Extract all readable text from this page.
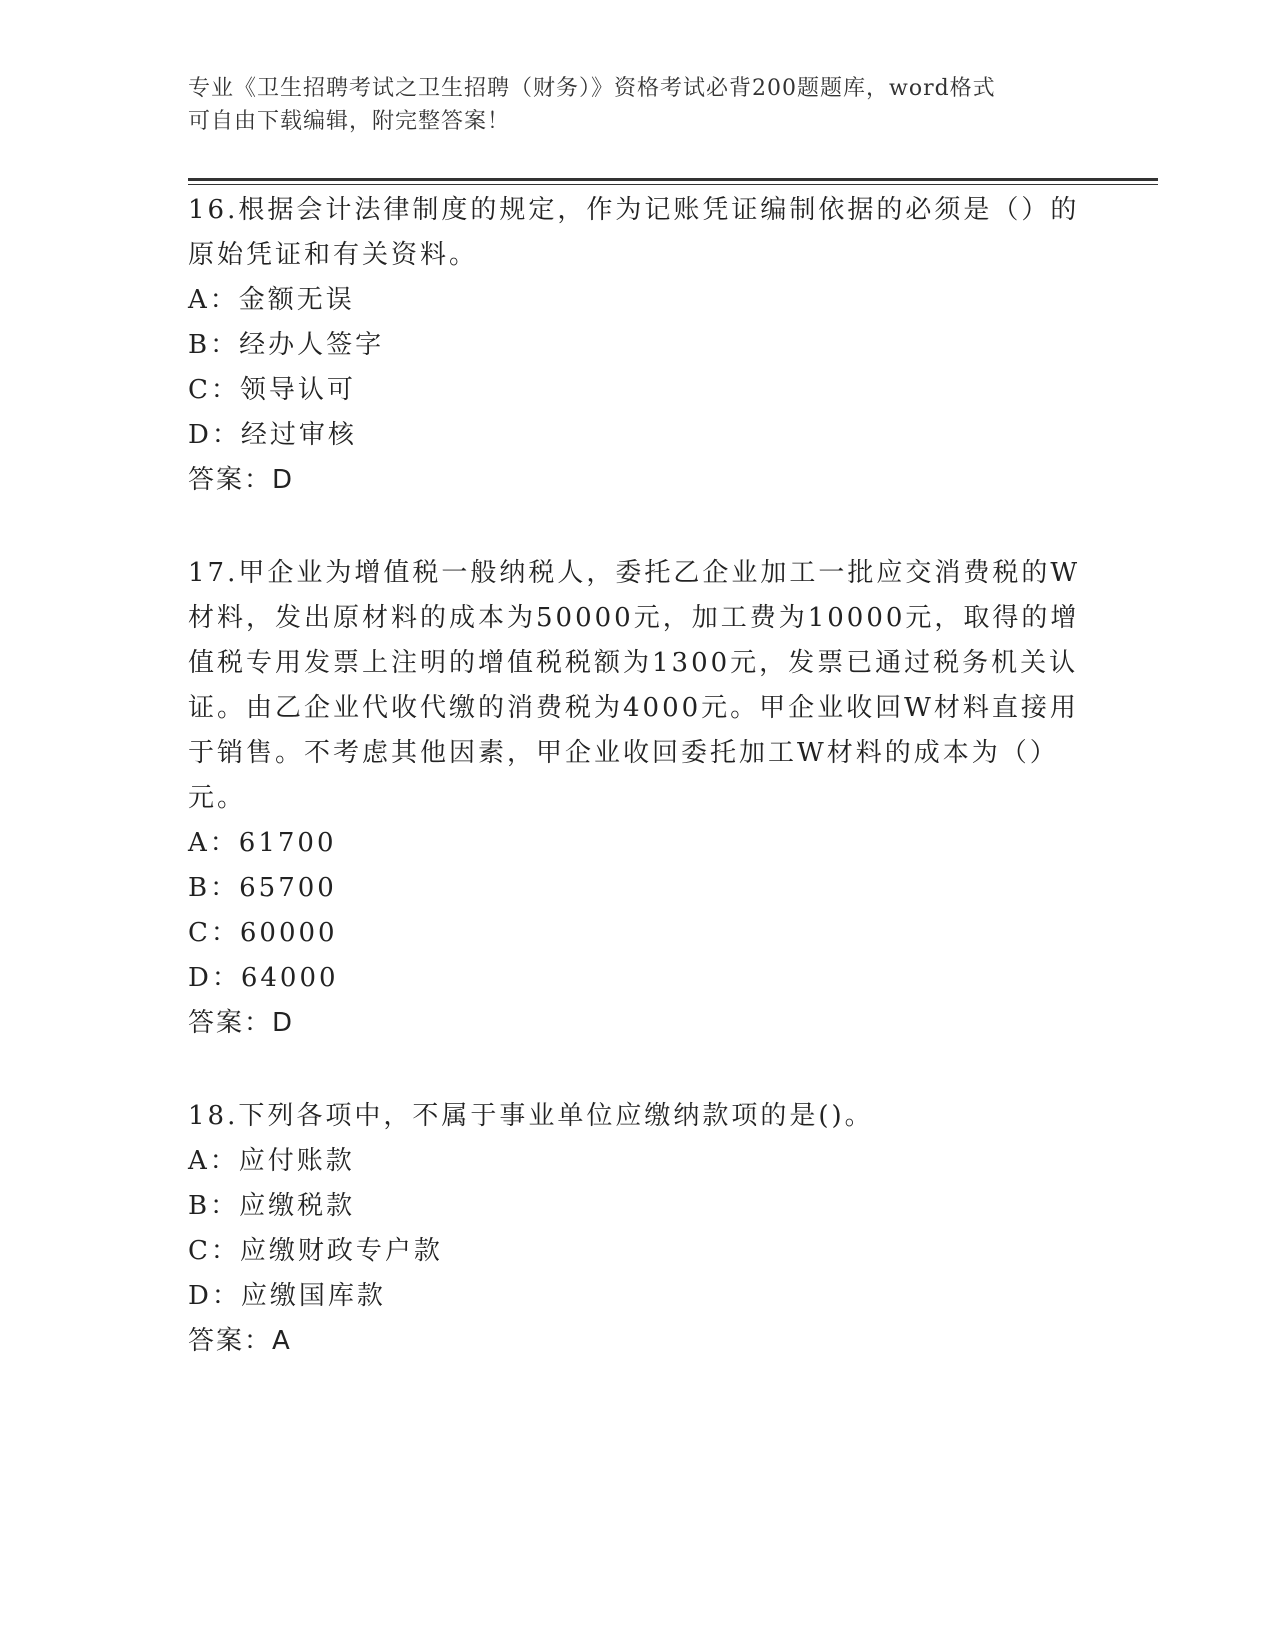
专业《卫生招聘考试之卫生招聘（财务）》资格考试必背200题题库，word格式
可自由下载编辑，附完整答案！
16.根据会计法律制度的规定，作为记账凭证编制依据的必须是（）的
原始凭证和有关资料。
A：金额无误
B：经办人签字
C：领导认可
D：经过审核
答案：D
17.甲企业为增值税一般纳税人，委托乙企业加工一批应交消费税的W
材料，发出原材料的成本为50000元，加工费为10000元，取得的增
值税专用发票上注明的增值税税额为1300元，发票已通过税务机关认
证。由乙企业代收代缴的消费税为4000元。甲企业收回W材料直接用
于销售。不考虑其他因素，甲企业收回委托加工W材料的成本为（）
元。
A：61700
B：65700
C：60000
D：64000
答案：D
18.下列各项中，不属于事业单位应缴纳款项的是()。
A：应付账款
B：应缴税款
C：应缴财政专户款
D：应缴国库款
答案：A
